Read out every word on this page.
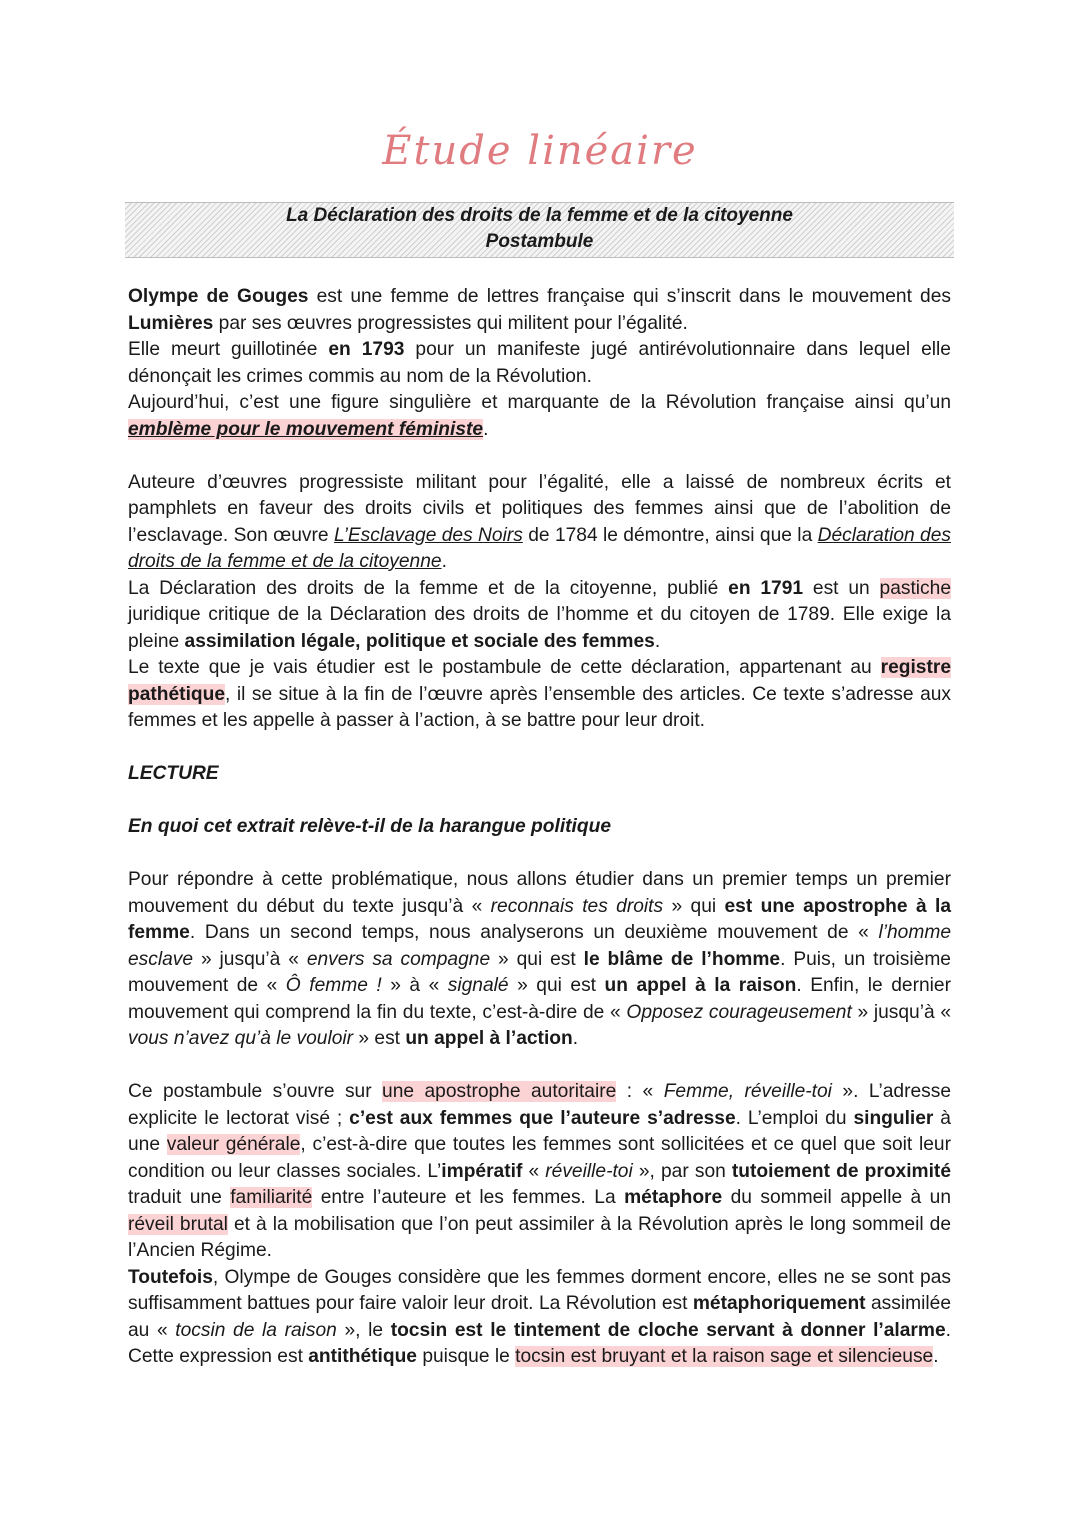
Étude linéaire
La Déclaration des droits de la femme et de la citoyenne
Postambule
Olympe de Gouges est une femme de lettres française qui s’inscrit dans le mouvement des Lumières par ses œuvres progressistes qui militent pour l’égalité.
Elle meurt guillotinée en 1793 pour un manifeste jugé antirévolutionnaire dans lequel elle dénonçait les crimes commis au nom de la Révolution.
Aujourd’hui, c’est une figure singulière et marquante de la Révolution française ainsi qu’un emblème pour le mouvement féministe.
Auteure d’œuvres progressiste militant pour l’égalité, elle a laissé de nombreux écrits et pamphlets en faveur des droits civils et politiques des femmes ainsi que de l’abolition de l’esclavage. Son œuvre L’Esclavage des Noirs de 1784 le démontre, ainsi que la Déclaration des droits de la femme et de la citoyenne.
La Déclaration des droits de la femme et de la citoyenne, publié en 1791 est un pastiche juridique critique de la Déclaration des droits de l’homme et du citoyen de 1789. Elle exige la pleine assimilation légale, politique et sociale des femmes.
Le texte que je vais étudier est le postambule de cette déclaration, appartenant au registre pathétique, il se situe à la fin de l’œuvre après l’ensemble des articles. Ce texte s’adresse aux femmes et les appelle à passer à l’action, à se battre pour leur droit.
LECTURE
En quoi cet extrait relève-t-il de la harangue politique
Pour répondre à cette problématique, nous allons étudier dans un premier temps un premier mouvement du début du texte jusqu’à « reconnais tes droits » qui est une apostrophe à la femme. Dans un second temps, nous analyserons un deuxième mouvement de « l’homme esclave » jusqu’à « envers sa compagne » qui est le blâme de l’homme. Puis, un troisième mouvement de « Ô femme ! » à « signalé » qui est un appel à la raison. Enfin, le dernier mouvement qui comprend la fin du texte, c’est-à-dire de « Opposez courageusement » jusqu’à « vous n’avez qu’à le vouloir » est un appel à l’action.
Ce postambule s’ouvre sur une apostrophe autoritaire : « Femme, réveille-toi ». L’adresse explicite le lectorat visé ; c’est aux femmes que l’auteure s’adresse. L’emploi du singulier à une valeur générale, c’est-à-dire que toutes les femmes sont sollicitées et ce quel que soit leur condition ou leur classes sociales. L’impératif « réveille-toi », par son tutoiement de proximité traduit une familiarité entre l’auteure et les femmes. La métaphore du sommeil appelle à un réveil brutal et à la mobilisation que l’on peut assimiler à la Révolution après le long sommeil de l’Ancien Régime.
Toutefois, Olympe de Gouges considère que les femmes dorment encore, elles ne se sont pas suffisamment battues pour faire valoir leur droit. La Révolution est métaphoriquement assimilée au « tocsin de la raison », le tocsin est le tintement de cloche servant à donner l’alarme. Cette expression est antithétique puisque le tocsin est bruyant et la raison sage et silencieuse.
